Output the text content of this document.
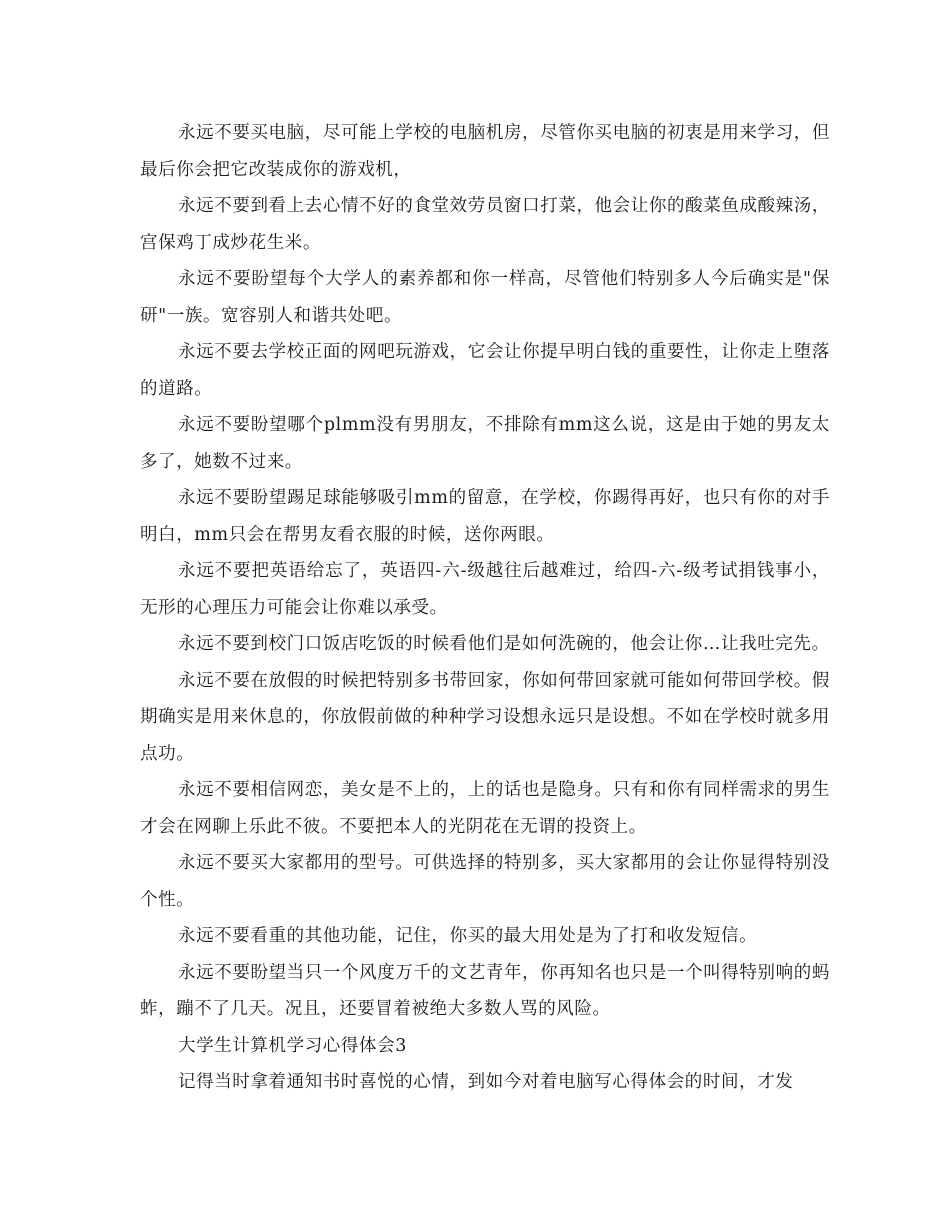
永远不要买电脑，尽可能上学校的电脑机房，尽管你买电脑的初衷是用来学习，但最后你会把它改装成你的游戏机，

永远不要到看上去心情不好的食堂效劳员窗口打菜，他会让你的酸菜鱼成酸辣汤，宫保鸡丁成炒花生米。

永远不要盼望每个大学人的素养都和你一样高，尽管他们特别多人今后确实是"保研"一族。宽容别人和谐共处吧。

永远不要去学校正面的网吧玩游戏，它会让你提早明白钱的重要性，让你走上堕落的道路。

永远不要盼望哪个plmm没有男朋友，不排除有mm这么说，这是由于她的男友太多了，她数不过来。

永远不要盼望踢足球能够吸引mm的留意，在学校，你踢得再好，也只有你的对手明白，mm只会在帮男友看衣服的时候，送你两眼。

永远不要把英语给忘了，英语四-六-级越往后越难过，给四-六-级考试捐钱事小，无形的心理压力可能会让你难以承受。

永远不要到校门口饭店吃饭的时候看他们是如何洗碗的，他会让你…让我吐完先。

永远不要在放假的时候把特别多书带回家，你如何带回家就可能如何带回学校。假期确实是用来休息的，你放假前做的种种学习设想永远只是设想。不如在学校时就多用点功。

永远不要相信网恋，美女是不上的，上的话也是隐身。只有和你有同样需求的男生才会在网聊上乐此不彼。不要把本人的光阴花在无谓的投资上。

永远不要买大家都用的型号。可供选择的特别多，买大家都用的会让你显得特别没个性。

永远不要看重的其他功能，记住，你买的最大用处是为了打和收发短信。

永远不要盼望当只一个风度万千的文艺青年，你再知名也只是一个叫得特别响的蚂蚱，蹦不了几天。况且，还要冒着被绝大多数人骂的风险。

大学生计算机学习心得体会3

记得当时拿着通知书时喜悦的心情，到如今对着电脑写心得体会的时间，才发
